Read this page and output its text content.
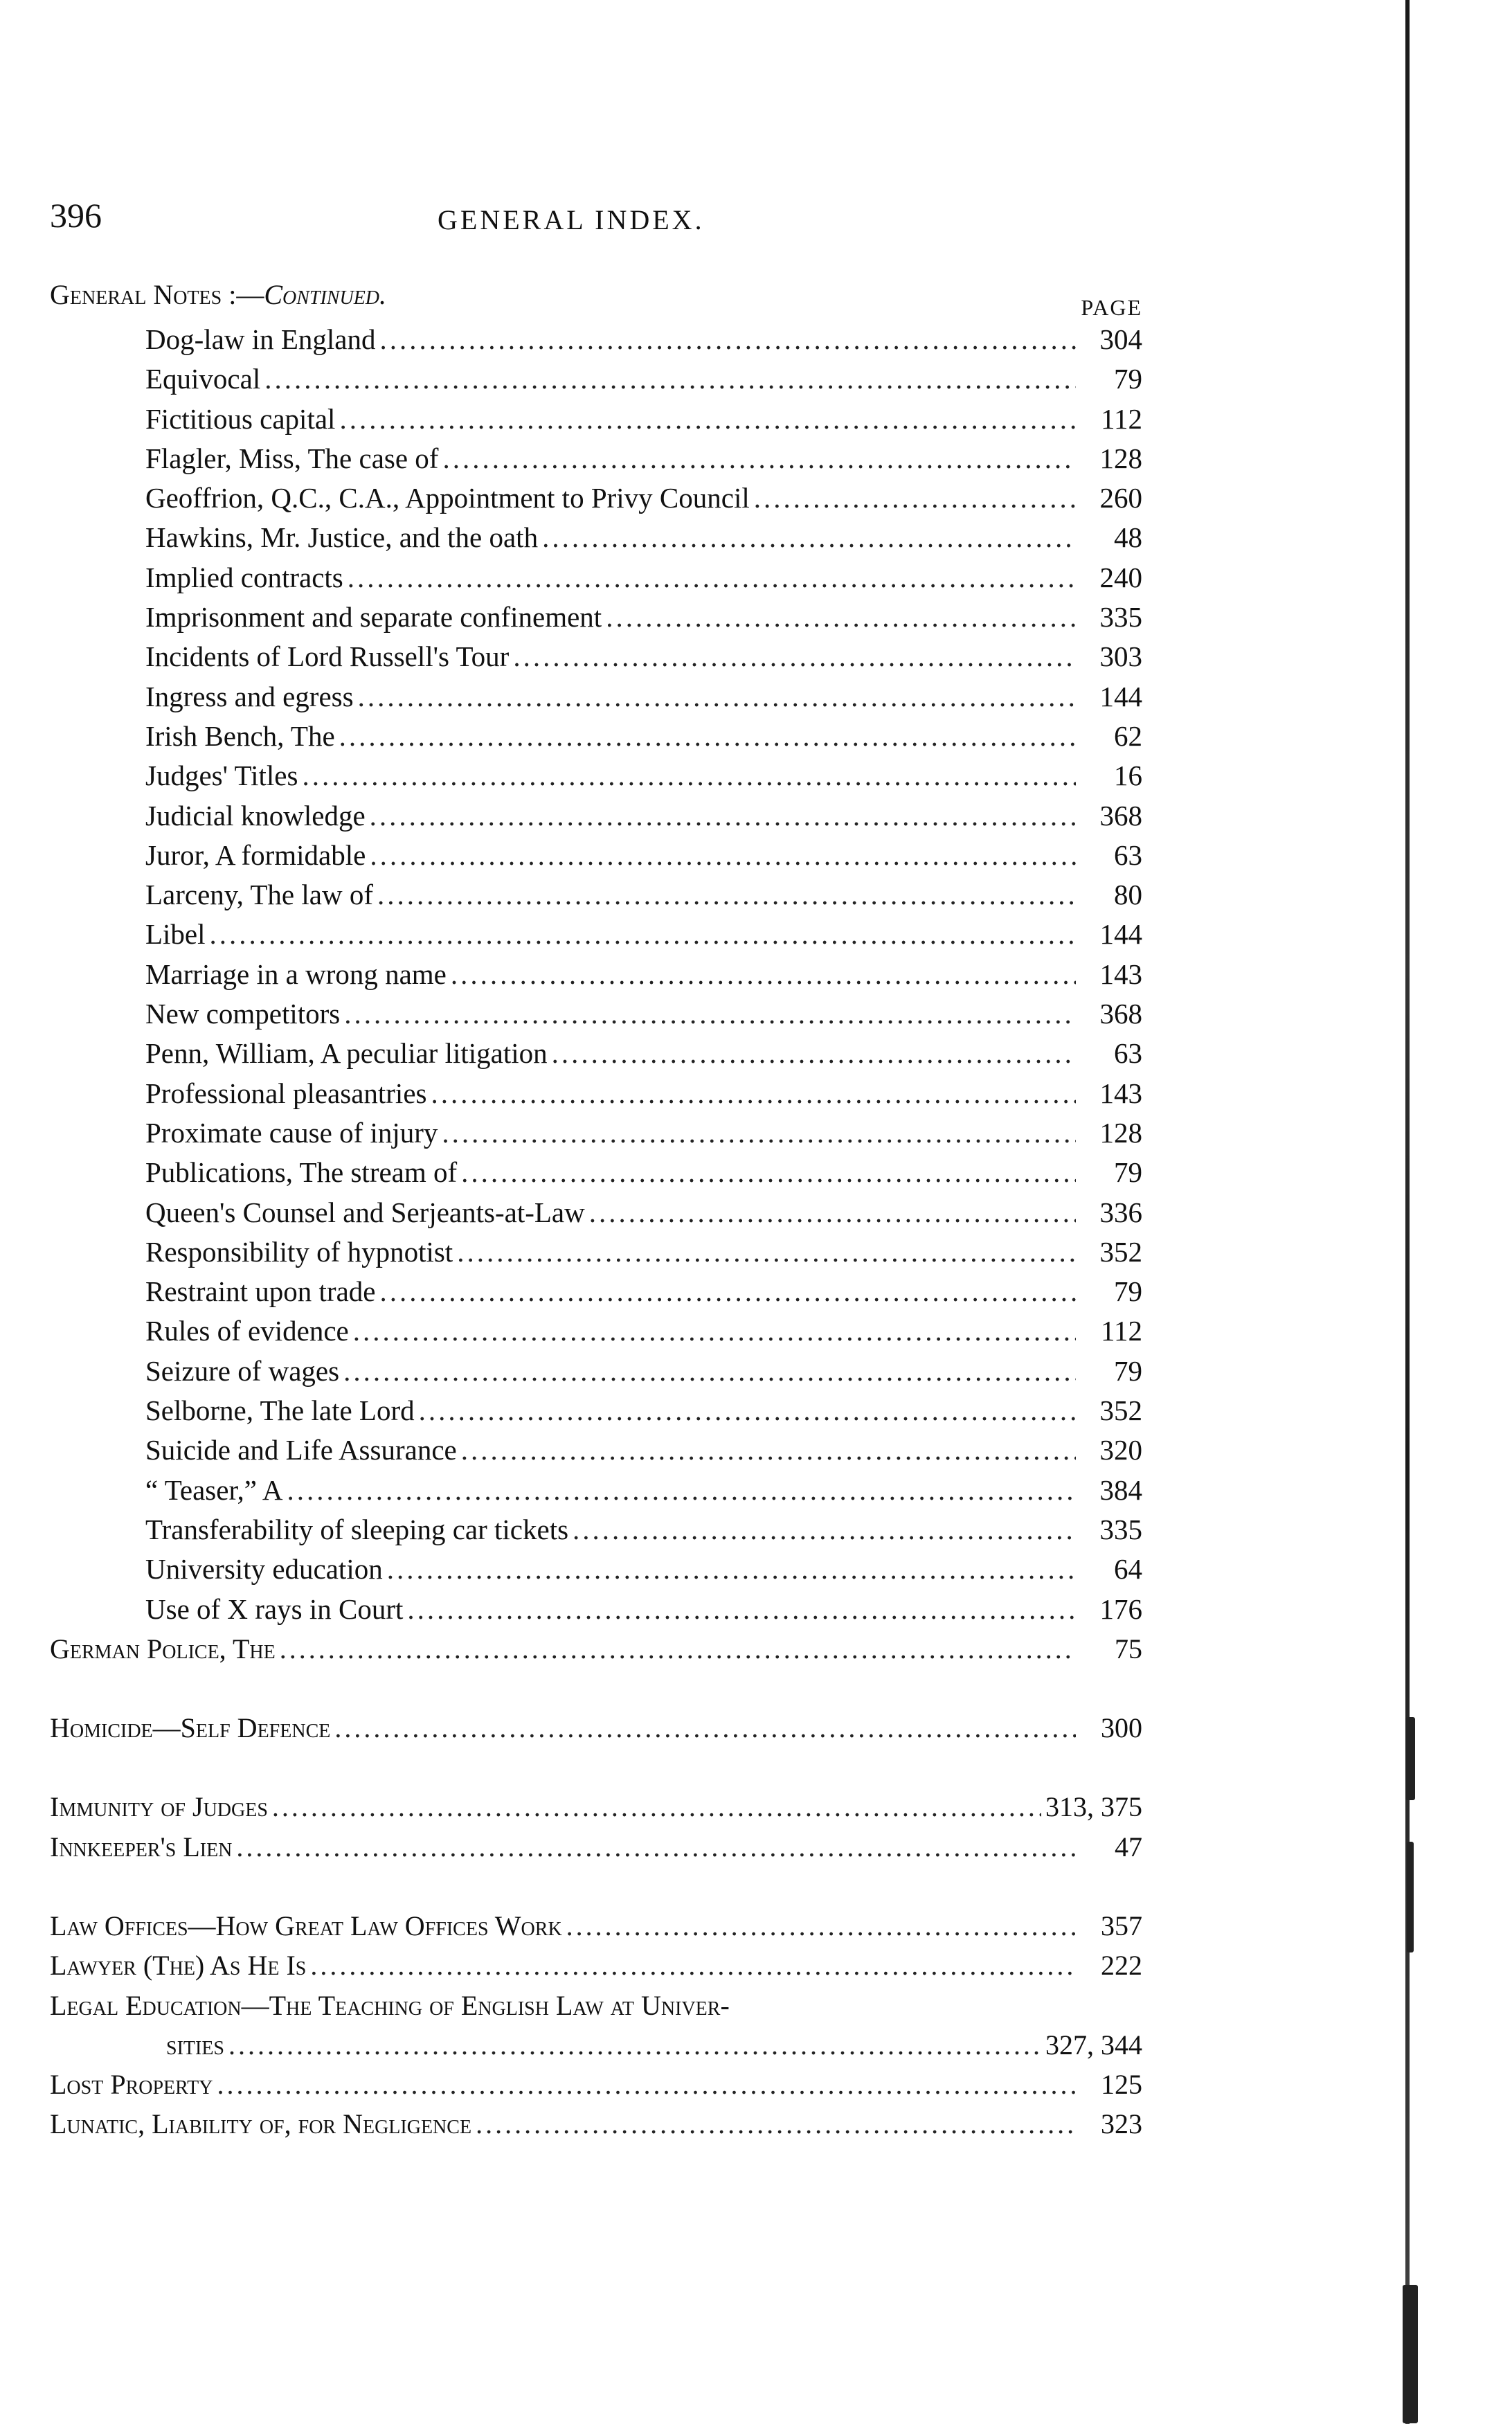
396	GENERAL INDEX.
General Notes :—Continued.	PAGE
Dog-law in England .....	304
Equivocal .....	79
Fictitious capital .....	112
Flagler, Miss, The case of .....	128
Geoffrion, Q.C., C.A., Appointment to Privy Council .....	260
Hawkins, Mr. Justice, and the oath .....	48
Implied contracts .....	240
Imprisonment and separate confinement .....	335
Incidents of Lord Russell's Tour .....	303
Ingress and egress .....	144
Irish Bench, The .....	62
Judges' Titles .....	16
Judicial knowledge .....	368
Juror, A formidable .....	63
Larceny, The law of .....	80
Libel .....	144
Marriage in a wrong name .....	143
New competitors .....	368
Penn, William, A peculiar litigation .....	63
Professional pleasantries .....	143
Proximate cause of injury .....	128
Publications, The stream of .....	79
Queen's Counsel and Serjeants-at-Law .....	336
Responsibility of hypnotist .....	352
Restraint upon trade .....	79
Rules of evidence .....	112
Seizure of wages .....	79
Selborne, The late Lord .....	352
Suicide and Life Assurance .....	320
“ Teaser,” A .....	384
Transferability of sleeping car tickets .....	335
University education .....	64
Use of X rays in Court .....	176
German Police, The .....	75
Homicide—Self Defence .....	300
Immunity of Judges .....	313, 375
Innkeeper's Lien .....	47
Law Offices—How Great Law Offices Work .....	357
Lawyer (The) As He Is .....	222
Legal Education—The Teaching of English Law at Univer-
sities .....	327, 344
Lost Property .....	125
Lunatic, Liability of, for Negligence .....	323
